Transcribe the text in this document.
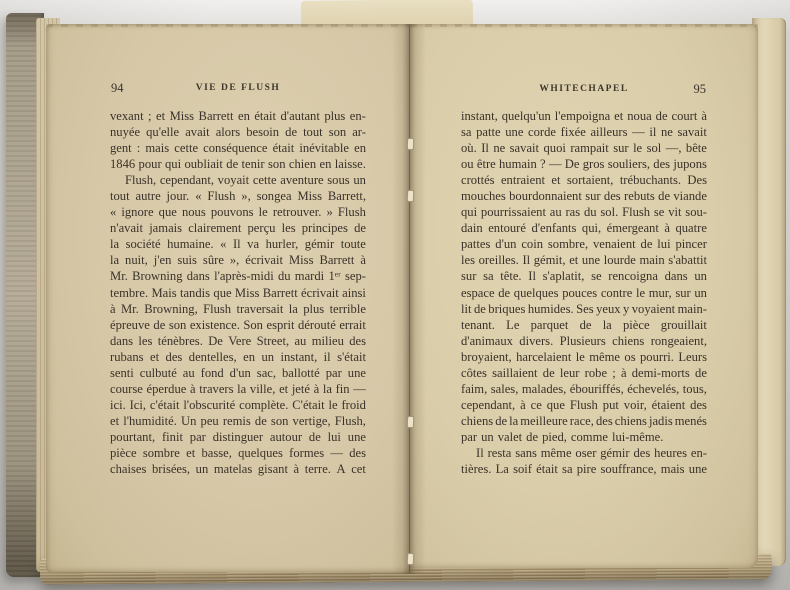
94	VIE DE FLUSH
vexant ; et Miss Barrett en était d'autant plus en-
nuyée qu'elle avait alors besoin de tout son ar-
gent : mais cette conséquence était inévitable en
1846 pour qui oubliait de tenir son chien en laisse.
Flush, cependant, voyait cette aventure sous un
tout autre jour. « Flush », songea Miss Barrett,
« ignore que nous pouvons le retrouver. » Flush
n'avait jamais clairement perçu les principes de
la société humaine. « Il va hurler, gémir toute
la nuit, j'en suis sûre », écrivait Miss Barrett à
Mr. Browning dans l'après-midi du mardi 1ᵉʳ sep-
tembre. Mais tandis que Miss Barrett écrivait ainsi
à Mr. Browning, Flush traversait la plus terrible
épreuve de son existence. Son esprit dérouté errait
dans les ténèbres. De Vere Street, au milieu des
rubans et des dentelles, en un instant, il s'était
senti culbuté au fond d'un sac, ballotté par une
course éperdue à travers la ville, et jeté à la fin —
ici. Ici, c'était l'obscurité complète. C'était le froid
et l'humidité. Un peu remis de son vertige, Flush,
pourtant, finit par distinguer autour de lui une
pièce sombre et basse, quelques formes — des
chaises brisées, un matelas gisant à terre. A cet
WHITECHAPEL	95
instant, quelqu'un l'empoigna et noua de court à
sa patte une corde fixée ailleurs — il ne savait
où. Il ne savait quoi rampait sur le sol —, bête
ou être humain ? — De gros souliers, des jupons
crottés entraient et sortaient, trébuchants. Des
mouches bourdonnaient sur des rebuts de viande
qui pourrissaient au ras du sol. Flush se vit sou-
dain entouré d'enfants qui, émergeant à quatre
pattes d'un coin sombre, venaient de lui pincer
les oreilles. Il gémit, et une lourde main s'abattit
sur sa tête. Il s'aplatit, se rencoigna dans un
espace de quelques pouces contre le mur, sur un
lit de briques humides. Ses yeux y voyaient main-
tenant. Le parquet de la pièce grouillait
d'animaux divers. Plusieurs chiens rongeaient,
broyaient, harcelaient le même os pourri. Leurs
côtes saillaient de leur robe ; à demi-morts de
faim, sales, malades, ébouriffés, échevelés, tous,
cependant, à ce que Flush put voir, étaient des
chiens de la meilleure race, des chiens jadis menés
par un valet de pied, comme lui-même.
Il resta sans même oser gémir des heures en-
tières. La soif était sa pire souffrance, mais une
